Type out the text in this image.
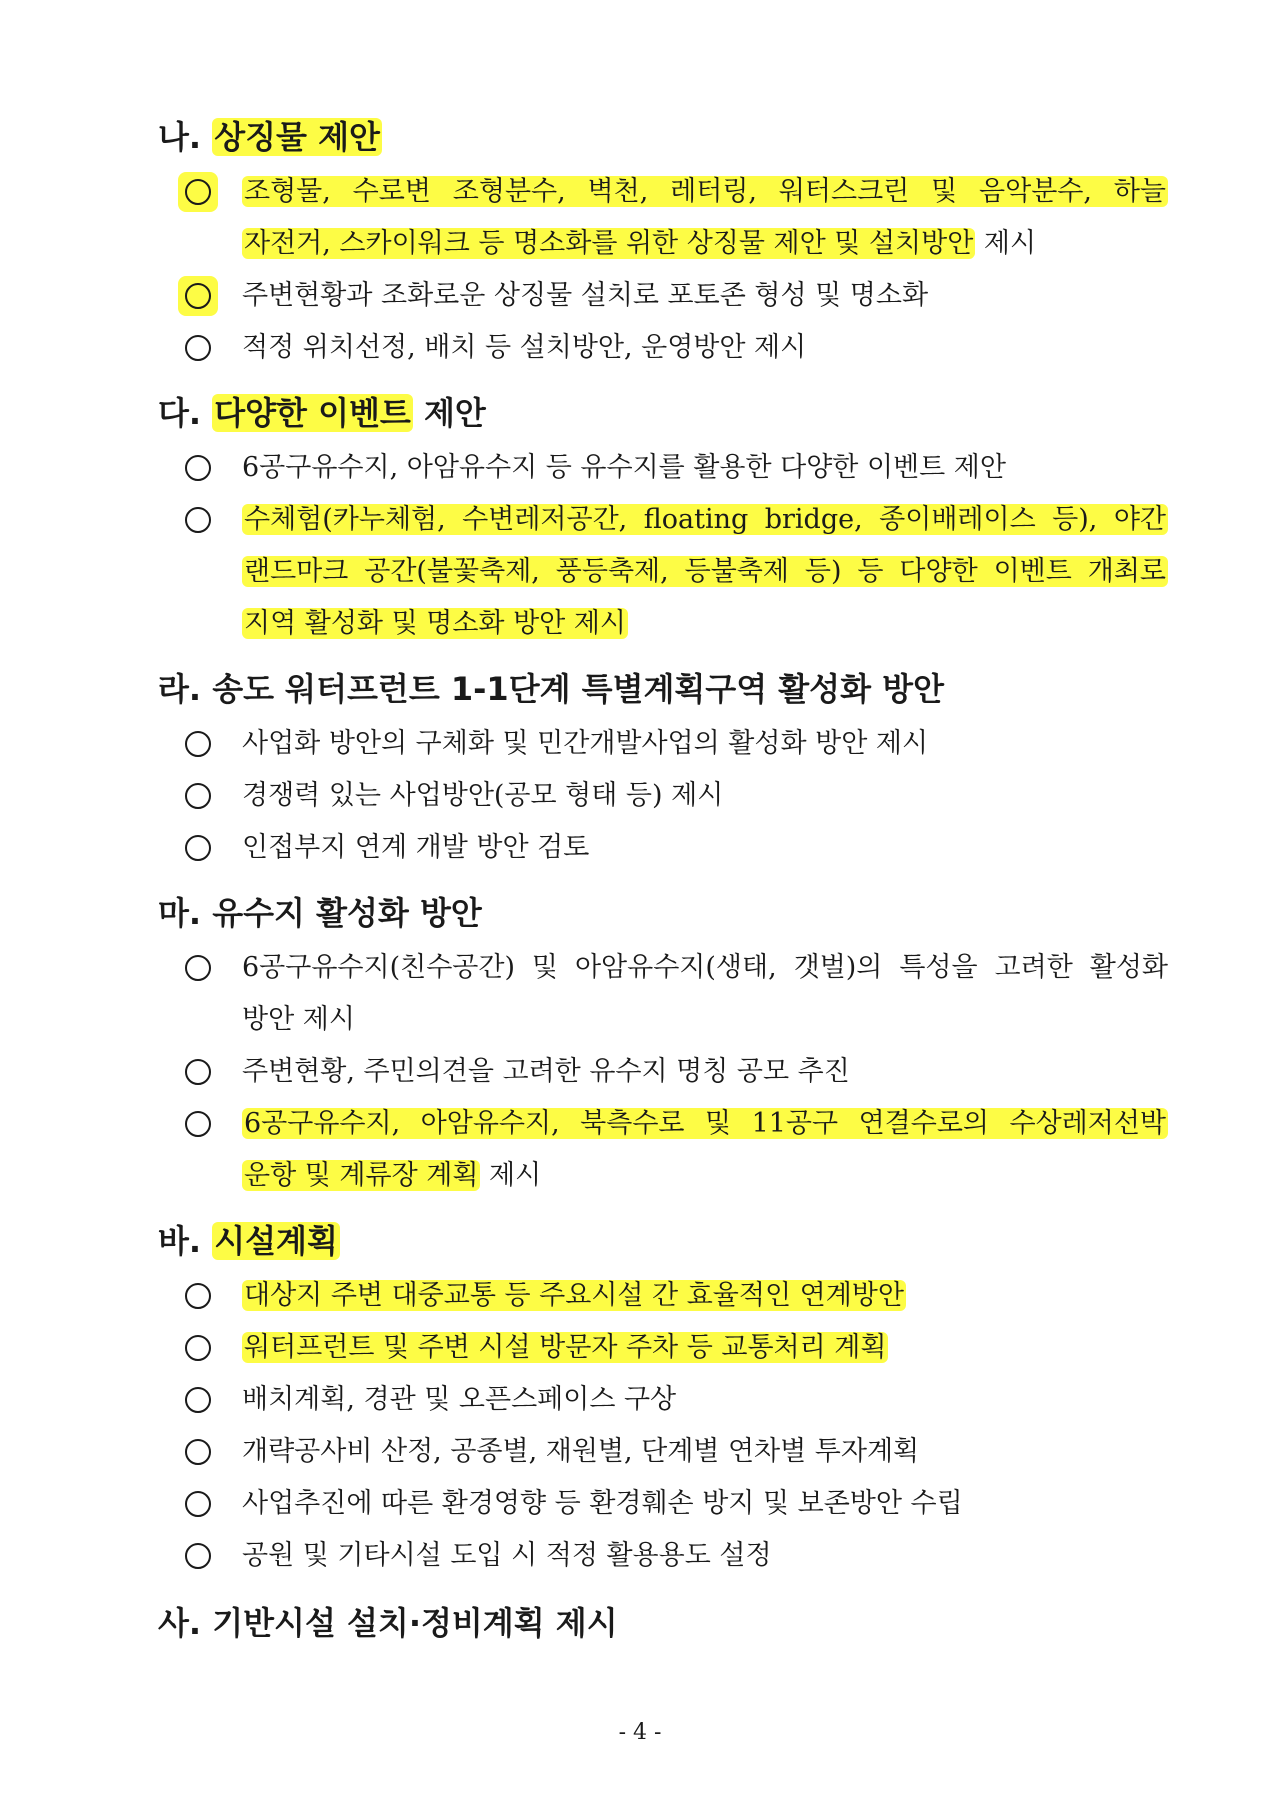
나. 상징물 제안
조형물, 수로변 조형분수, 벽천, 레터링, 워터스크린 및 음악분수, 하늘
자전거, 스카이워크 등 명소화를 위한 상징물 제안 및 설치방안 제시
주변현황과 조화로운 상징물 설치로 포토존 형성 및 명소화
적정 위치선정, 배치 등 설치방안, 운영방안 제시
다. 다양한 이벤트 제안
6공구유수지, 아암유수지 등 유수지를 활용한 다양한 이벤트 제안
수체험(카누체험, 수변레저공간, floating bridge, 종이배레이스 등), 야간
랜드마크 공간(불꽃축제, 풍등축제, 등불축제 등) 등 다양한 이벤트 개최로
지역 활성화 및 명소화 방안 제시
라. 송도 워터프런트 1-1단계 특별계획구역 활성화 방안
사업화 방안의 구체화 및 민간개발사업의 활성화 방안 제시
경쟁력 있는 사업방안(공모 형태 등) 제시
인접부지 연계 개발 방안 검토
마. 유수지 활성화 방안
6공구유수지(친수공간) 및 아암유수지(생태, 갯벌)의 특성을 고려한 활성화
방안 제시
주변현황, 주민의견을 고려한 유수지 명칭 공모 추진
6공구유수지, 아암유수지, 북측수로 및 11공구 연결수로의 수상레저선박
운항 및 계류장 계획 제시
바. 시설계획
대상지 주변 대중교통 등 주요시설 간 효율적인 연계방안
워터프런트 및 주변 시설 방문자 주차 등 교통처리 계획
배치계획, 경관 및 오픈스페이스 구상
개략공사비 산정, 공종별, 재원별, 단계별 연차별 투자계획
사업추진에 따른 환경영향 등 환경훼손 방지 및 보존방안 수립
공원 및 기타시설 도입 시 적정 활용용도 설정
사. 기반시설 설치·정비계획 제시
- 4 -
